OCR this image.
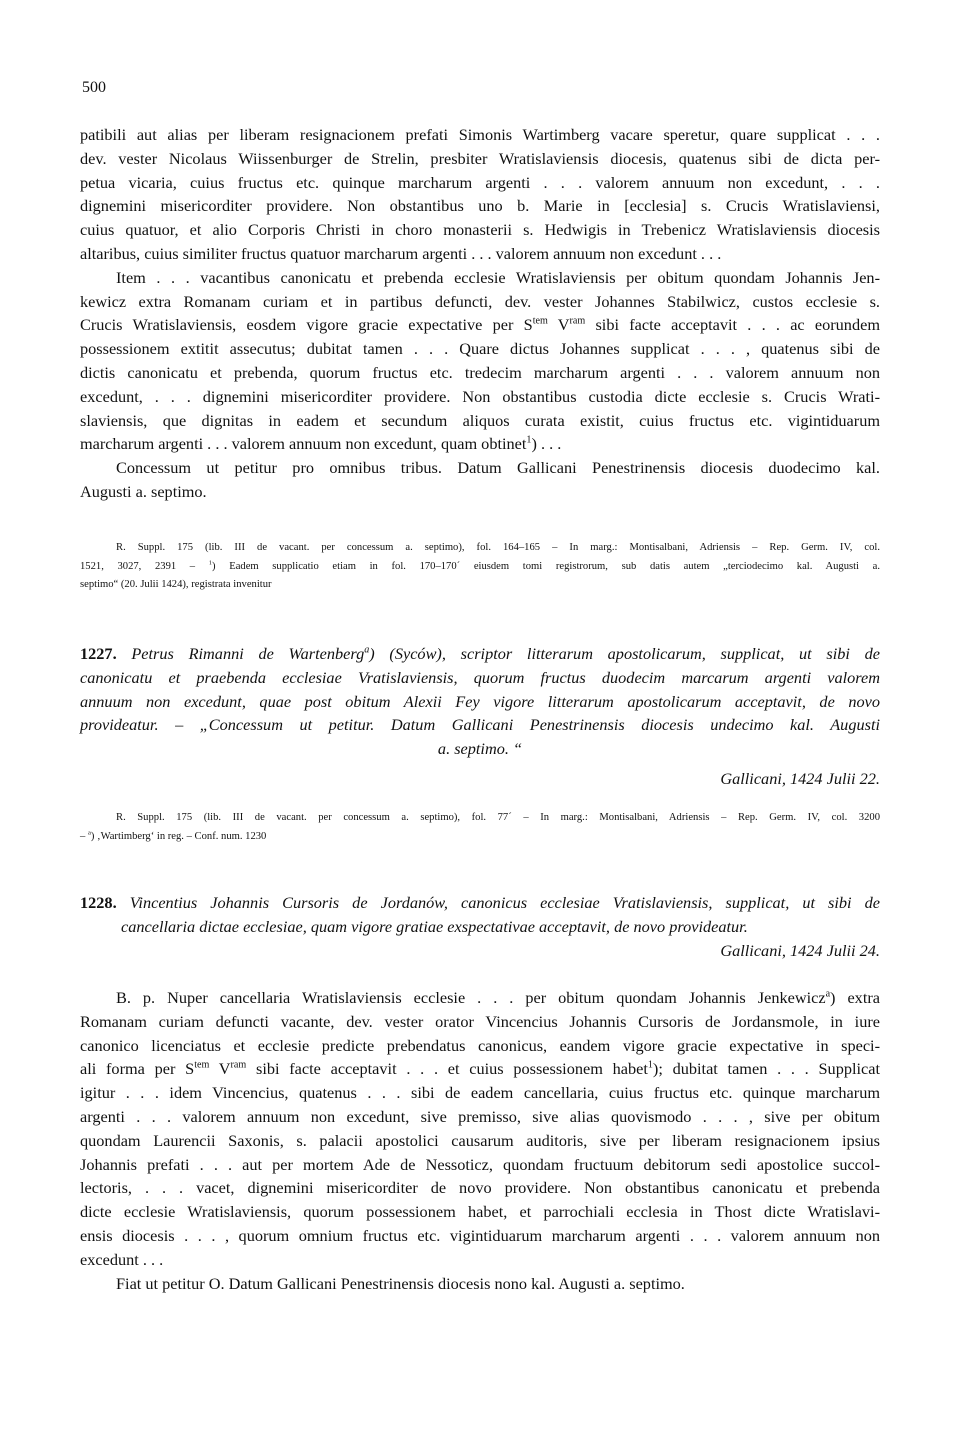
500
patibili aut alias per liberam resignacionem prefati Simonis Wartimberg vacare speretur, quare supplicat . . .
dev. vester Nicolaus Wiissenburger de Strelin, presbiter Wratislaviensis diocesis, quatenus sibi de dicta per-
petua vicaria, cuius fructus etc. quinque marcharum argenti . . . valorem annuum non excedunt, . . .
dignemini misericorditer providere. Non obstantibus uno b. Marie in [ecclesia] s. Crucis Wratislaviensi,
cuius quatuor, et alio Corporis Christi in choro monasterii s. Hedwigis in Trebenicz Wratislaviensis diocesis
altaribus, cuius similiter fructus quatuor marcharum argenti . . . valorem annuum non excedunt . . .
Item . . . vacantibus canonicatu et prebenda ecclesie Wratislaviensis per obitum quondam Johannis Jen-
kewicz extra Romanam curiam et in partibus defuncti, dev. vester Johannes Stabilwicz, custos ecclesie s.
Crucis Wratislaviensis, eosdem vigore gracie expectative per $S^{tem}$ $V^{ram}$ sibi facte acceptavit . . . ac eorundem
possessionem extitit assecutus; dubitat tamen . . . Quare dictus Johannes supplicat . . . , quatenus sibi de
dictis canonicatu et prebenda, quorum fructus etc. tredecim marcharum argenti . . . valorem annuum non
excedunt, . . . dignemini misericorditer providere. Non obstantibus custodia dicte ecclesie s. Crucis Wrati-
slaviensis, que dignitas in eadem et secundum aliquos curata existit, cuius fructus etc. vigintiduarum
marcharum argenti . . . valorem annuum non excedunt, quam obtinet$^1$) . . .
Concessum ut petitur pro omnibus tribus. Datum Gallicani Penestrinensis diocesis duodecimo kal.
Augusti a. septimo.
R. Suppl. 175 (lib. III de vacant. per concessum a. septimo), fol. 164–165 – In marg.: Montisalbani, Adriensis – Rep. Germ. IV, col.
1521, 3027, 2391 – $^1$) Eadem supplicatio etiam in fol. 170–170´ eiusdem tomi registrorum, sub datis autem „terciodecimo kal. Augusti a.
septimo“ (20. Julii 1424), registrata invenitur
1227. Petrus Rimanni de Wartenberg$^a$) (Syców), scriptor litterarum apostolicarum, supplicat, ut sibi de
canonicatu et praebenda ecclesiae Vratislaviensis, quorum fructus duodecim marcarum argenti valorem
annuum non excedunt, quae post obitum Alexii Fey vigore litterarum apostolicarum acceptavit, de novo
provideatur. – „Concessum ut petitur. Datum Gallicani Penestrinensis diocesis undecimo kal. Augusti
a. septimo. “
Gallicani, 1424 Julii 22.
R. Suppl. 175 (lib. III de vacant. per concessum a. septimo), fol. 77´ – In marg.: Montisalbani, Adriensis – Rep. Germ. IV, col. 3200
– $^a$) ‚Wartimberg‘ in reg. – Conf. num. 1230
1228. Vincentius Johannis Cursoris de Jordanów, canonicus ecclesiae Vratislaviensis, supplicat, ut sibi de
cancellaria dictae ecclesiae, quam vigore gratiae exspectativae acceptavit, de novo provideatur.
Gallicani, 1424 Julii 24.
B. p. Nuper cancellaria Wratislaviensis ecclesie . . . per obitum quondam Johannis Jenkewicz$^a$) extra
Romanam curiam defuncti vacante, dev. vester orator Vincencius Johannis Cursoris de Jordansmole, in iure
canonico licenciatus et ecclesie predicte prebendatus canonicus, eandem vigore gracie expectative in speci-
ali forma per $S^{tem}$ $V^{ram}$ sibi facte acceptavit . . . et cuius possessionem habet$^1$); dubitat tamen . . . Supplicat
igitur . . . idem Vincencius, quatenus . . . sibi de eadem cancellaria, cuius fructus etc. quinque marcharum
argenti . . . valorem annuum non excedunt, sive premisso, sive alias quovismodo . . . , sive per obitum
quondam Laurencii Saxonis, s. palacii apostolici causarum auditoris, sive per liberam resignacionem ipsius
Johannis prefati . . . aut per mortem Ade de Nessoticz, quondam fructuum debitorum sedi apostolice succol-
lectoris, . . . vacet, dignemini misericorditer de novo providere. Non obstantibus canonicatu et prebenda
dicte ecclesie Wratislaviensis, quorum possessionem habet, et parrochiali ecclesia in Thost dicte Wratislavi-
ensis diocesis . . . , quorum omnium fructus etc. vigintiduarum marcharum argenti . . . valorem annuum non
excedunt . . .
Fiat ut petitur O. Datum Gallicani Penestrinensis diocesis nono kal. Augusti a. septimo.
